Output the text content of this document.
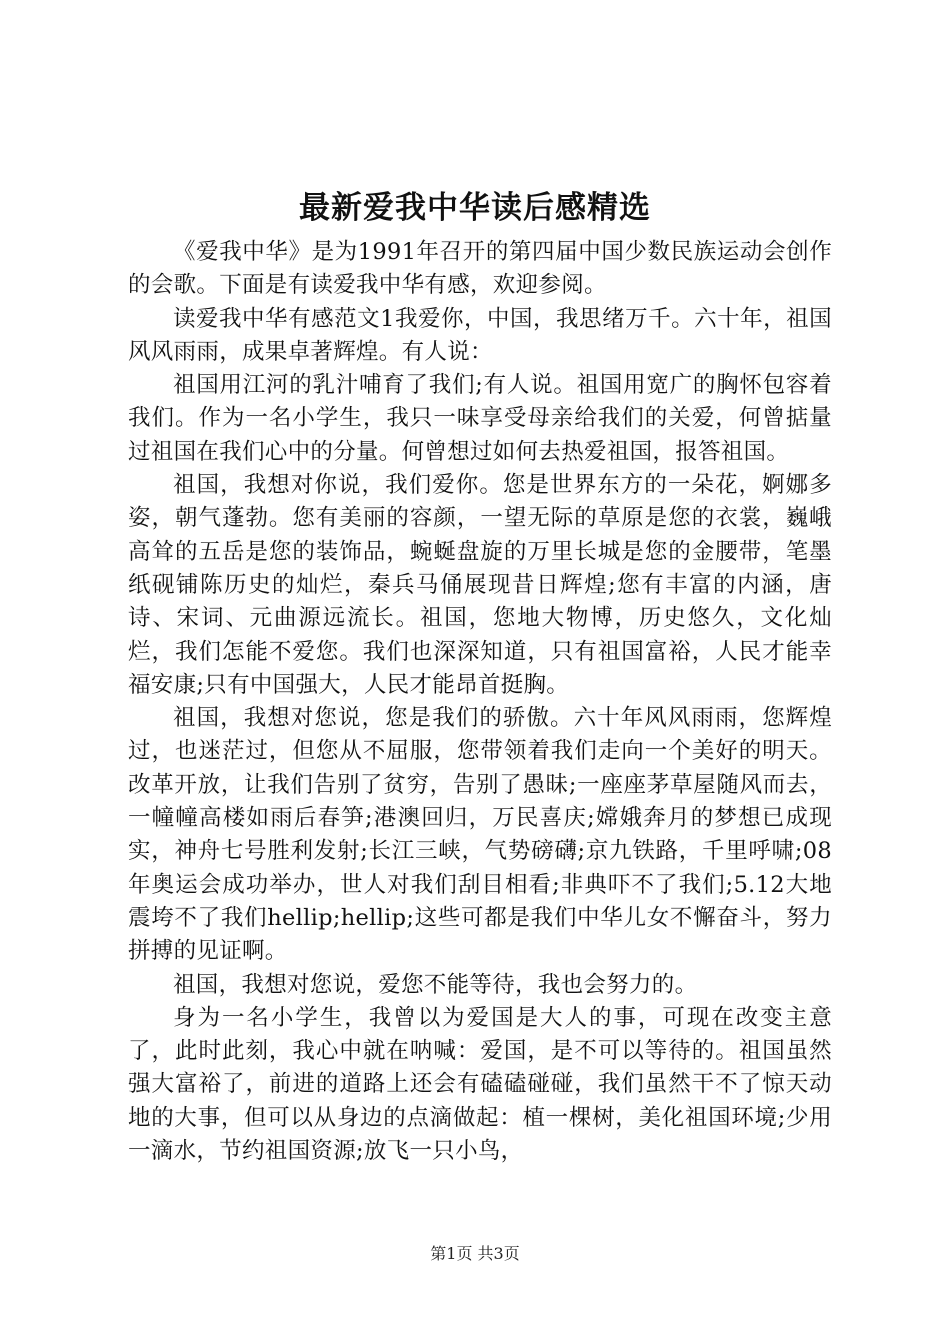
最新爱我中华读后感精选

《爱我中华》是为1991年召开的第四届中国少数民族运动会创作的会歌。下面是有读爱我中华有感，欢迎参阅。

读爱我中华有感范文1我爱你，中国，我思绪万千。六十年，祖国风风雨雨，成果卓著辉煌。有人说：

祖国用江河的乳汁哺育了我们;有人说。祖国用宽广的胸怀包容着我们。作为一名小学生，我只一味享受母亲给我们的关爱，何曾掂量过祖国在我们心中的分量。何曾想过如何去热爱祖国，报答祖国。

祖国，我想对你说，我们爱你。您是世界东方的一朵花，婀娜多姿，朝气蓬勃。您有美丽的容颜，一望无际的草原是您的衣裳，巍峨高耸的五岳是您的装饰品，蜿蜒盘旋的万里长城是您的金腰带，笔墨纸砚铺陈历史的灿烂，秦兵马俑展现昔日辉煌;您有丰富的内涵，唐诗、宋词、元曲源远流长。祖国，您地大物博，历史悠久，文化灿烂，我们怎能不爱您。我们也深深知道，只有祖国富裕，人民才能幸福安康;只有中国强大，人民才能昂首挺胸。

祖国，我想对您说，您是我们的骄傲。六十年风风雨雨，您辉煌过，也迷茫过，但您从不屈服，您带领着我们走向一个美好的明天。改革开放，让我们告别了贫穷，告别了愚昧;一座座茅草屋随风而去，一幢幢高楼如雨后春笋;港澳回归，万民喜庆;嫦娥奔月的梦想已成现实，神舟七号胜利发射;长江三峡，气势磅礴;京九铁路，千里呼啸;08年奥运会成功举办，世人对我们刮目相看;非典吓不了我们;5.12大地震垮不了我们hellip;hellip;这些可都是我们中华儿女不懈奋斗，努力拼搏的见证啊。

祖国，我想对您说，爱您不能等待，我也会努力的。

身为一名小学生，我曾以为爱国是大人的事，可现在改变主意了，此时此刻，我心中就在呐喊：爱国，是不可以等待的。祖国虽然强大富裕了，前进的道路上还会有磕磕碰碰，我们虽然干不了惊天动地的大事，但可以从身边的点滴做起：植一棵树，美化祖国环境;少用一滴水，节约祖国资源;放飞一只小鸟，

第1页 共3页
